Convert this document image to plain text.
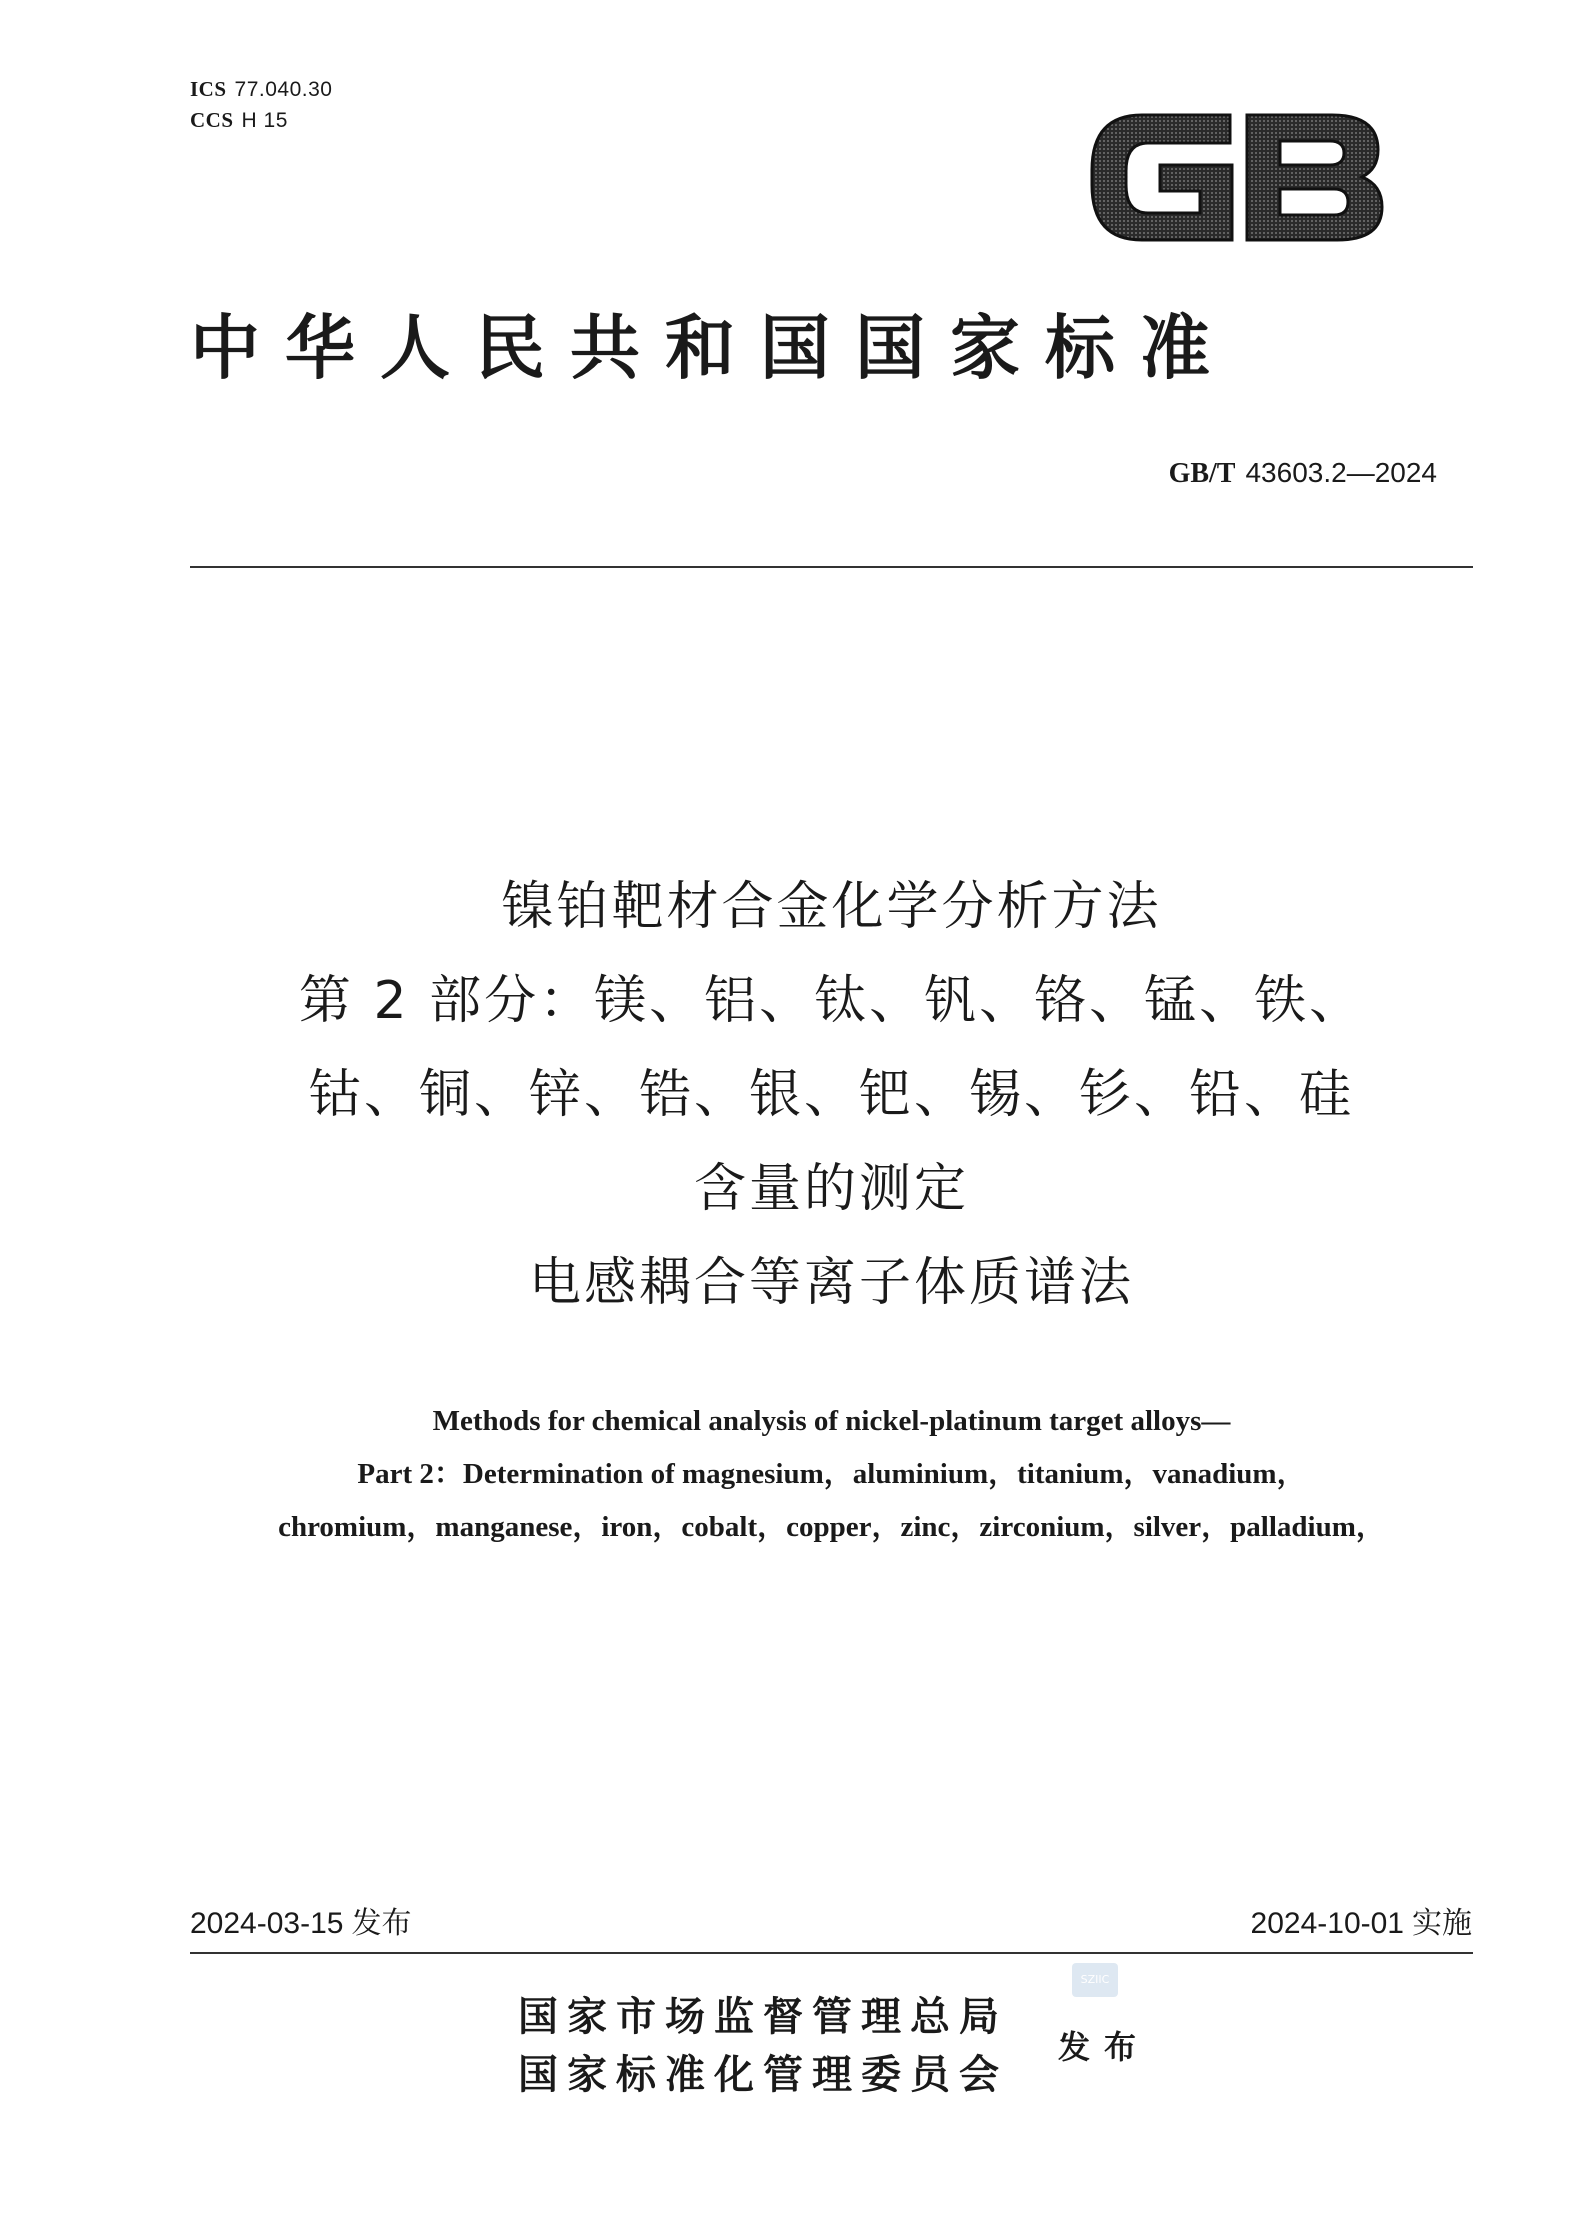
ICS 77.040.30
CCS H 15
中华人民共和国国家标准
GB/T 43603.2—2024
镍铂靶材合金化学分析方法
第 2 部分：镁、铝、钛、钒、铬、锰、铁、
钴、铜、锌、锆、银、钯、锡、钐、铅、硅
含量的测定
电感耦合等离子体质谱法
Methods for chemical analysis of nickel-platinum target alloys—
Part 2：Determination of magnesium，aluminium，titanium，vanadium，
chromium，manganese，iron，cobalt，copper，zinc，zirconium，silver，palladium，
2024-03-15 发布	2024-10-01 实施
SZIIC
国家市场监督管理总局
国家标准化管理委员会
发布
